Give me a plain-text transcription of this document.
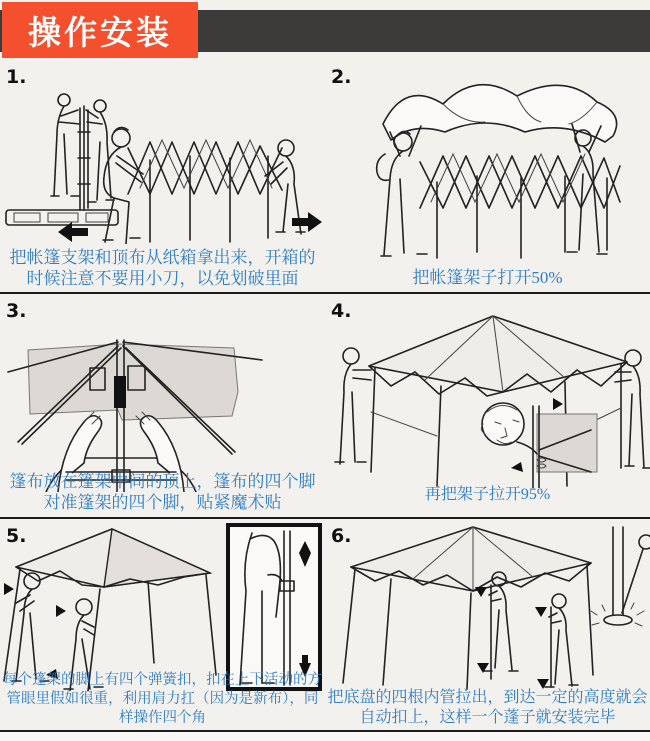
操作安装
1.
把帐篷支架和顶布从纸箱拿出来，开箱的时候注意不要用小刀，以免划破里面
2.
把帐篷架子打开50%
3.
篷布放在篷架中间的顶上，篷布的四个脚对准篷架的四个脚，贴紧魔术贴
4.
再把架子拉开95%
5.
每个篷架的脚上有四个弹簧扣，扣在上下活动的方管眼里假如很重，利用肩力扛（因为是新布），同样操作四个角
6.
把底盘的四根内管拉出，到达一定的高度就会自动扣上，这样一个蓬子就安装完毕
